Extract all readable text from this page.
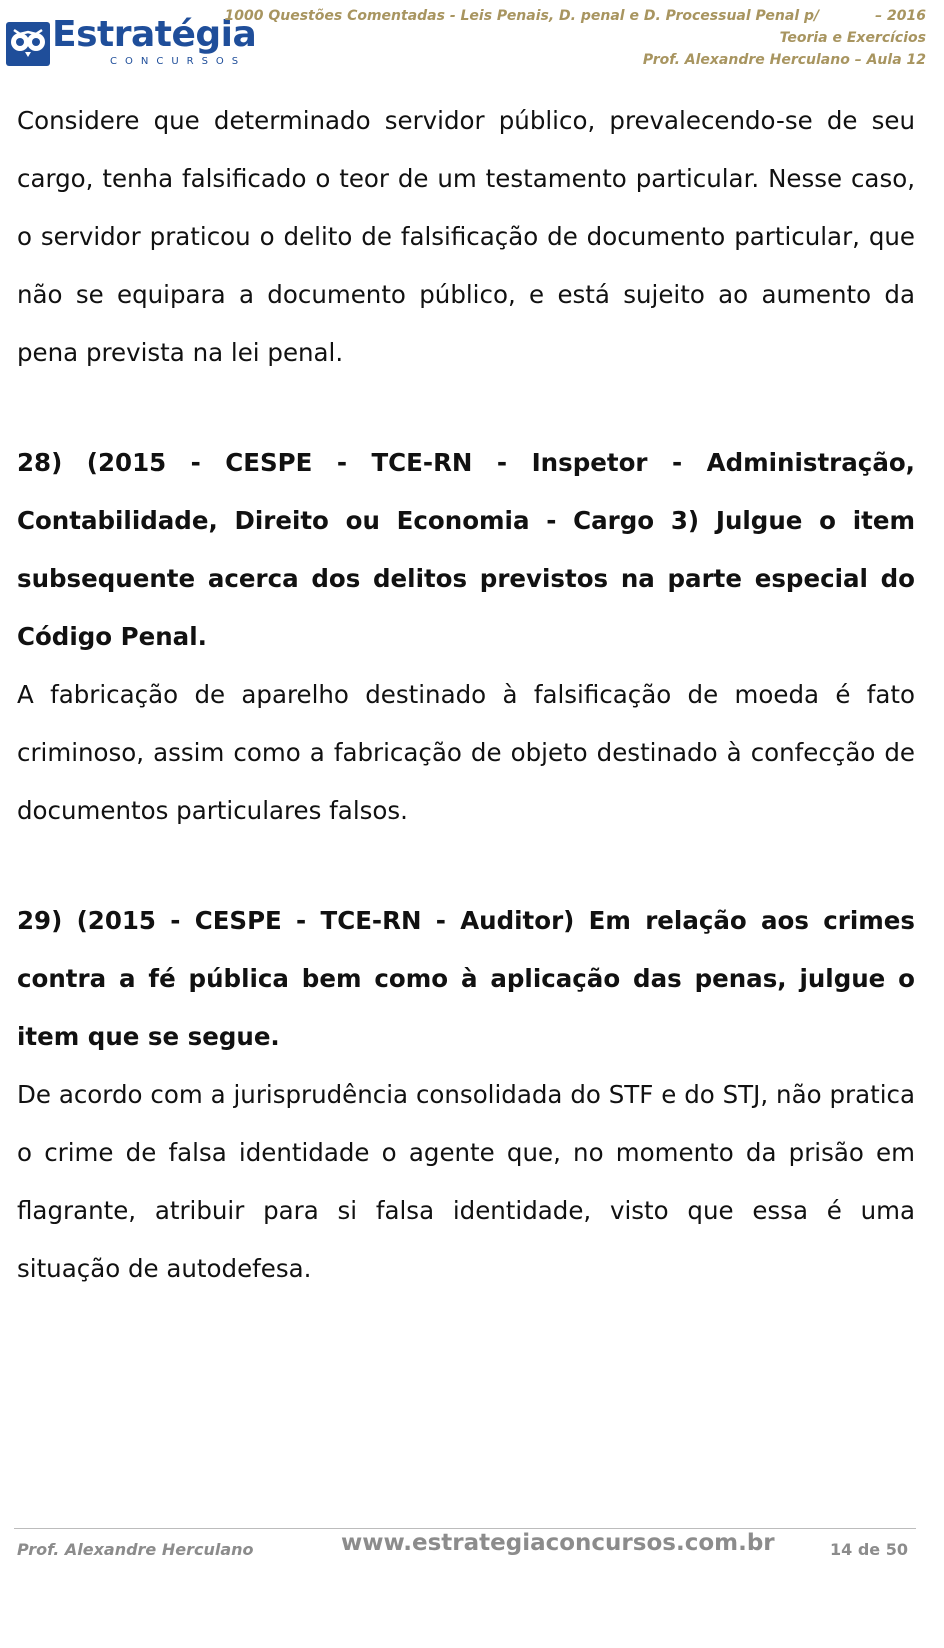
Estratégia
CONCURSOS
1000 Questões Comentadas - Leis Penais, D. penal e D. Processual Penal p/	– 2016
Teoria e Exercícios
Prof. Alexandre Herculano – Aula 12

Considere que determinado servidor público, prevalecendo-se de seu cargo, tenha falsificado o teor de um testamento particular. Nesse caso, o servidor praticou o delito de falsificação de documento particular, que não se equipara a documento público, e está sujeito ao aumento da pena prevista na lei penal.

28) (2015 - CESPE - TCE-RN - Inspetor - Administração, Contabilidade, Direito ou Economia - Cargo 3) Julgue o item subsequente acerca dos delitos previstos na parte especial do Código Penal.

A fabricação de aparelho destinado à falsificação de moeda é fato criminoso, assim como a fabricação de objeto destinado à confecção de documentos particulares falsos.

29) (2015 - CESPE - TCE-RN - Auditor) Em relação aos crimes contra a fé pública bem como à aplicação das penas, julgue o item que se segue.

De acordo com a jurisprudência consolidada do STF e do STJ, não pratica o crime de falsa identidade o agente que, no momento da prisão em flagrante, atribuir para si falsa identidade, visto que essa é uma situação de autodefesa.

Prof. Alexandre Herculano	www.estrategiaconcursos.com.br	14 de 50
